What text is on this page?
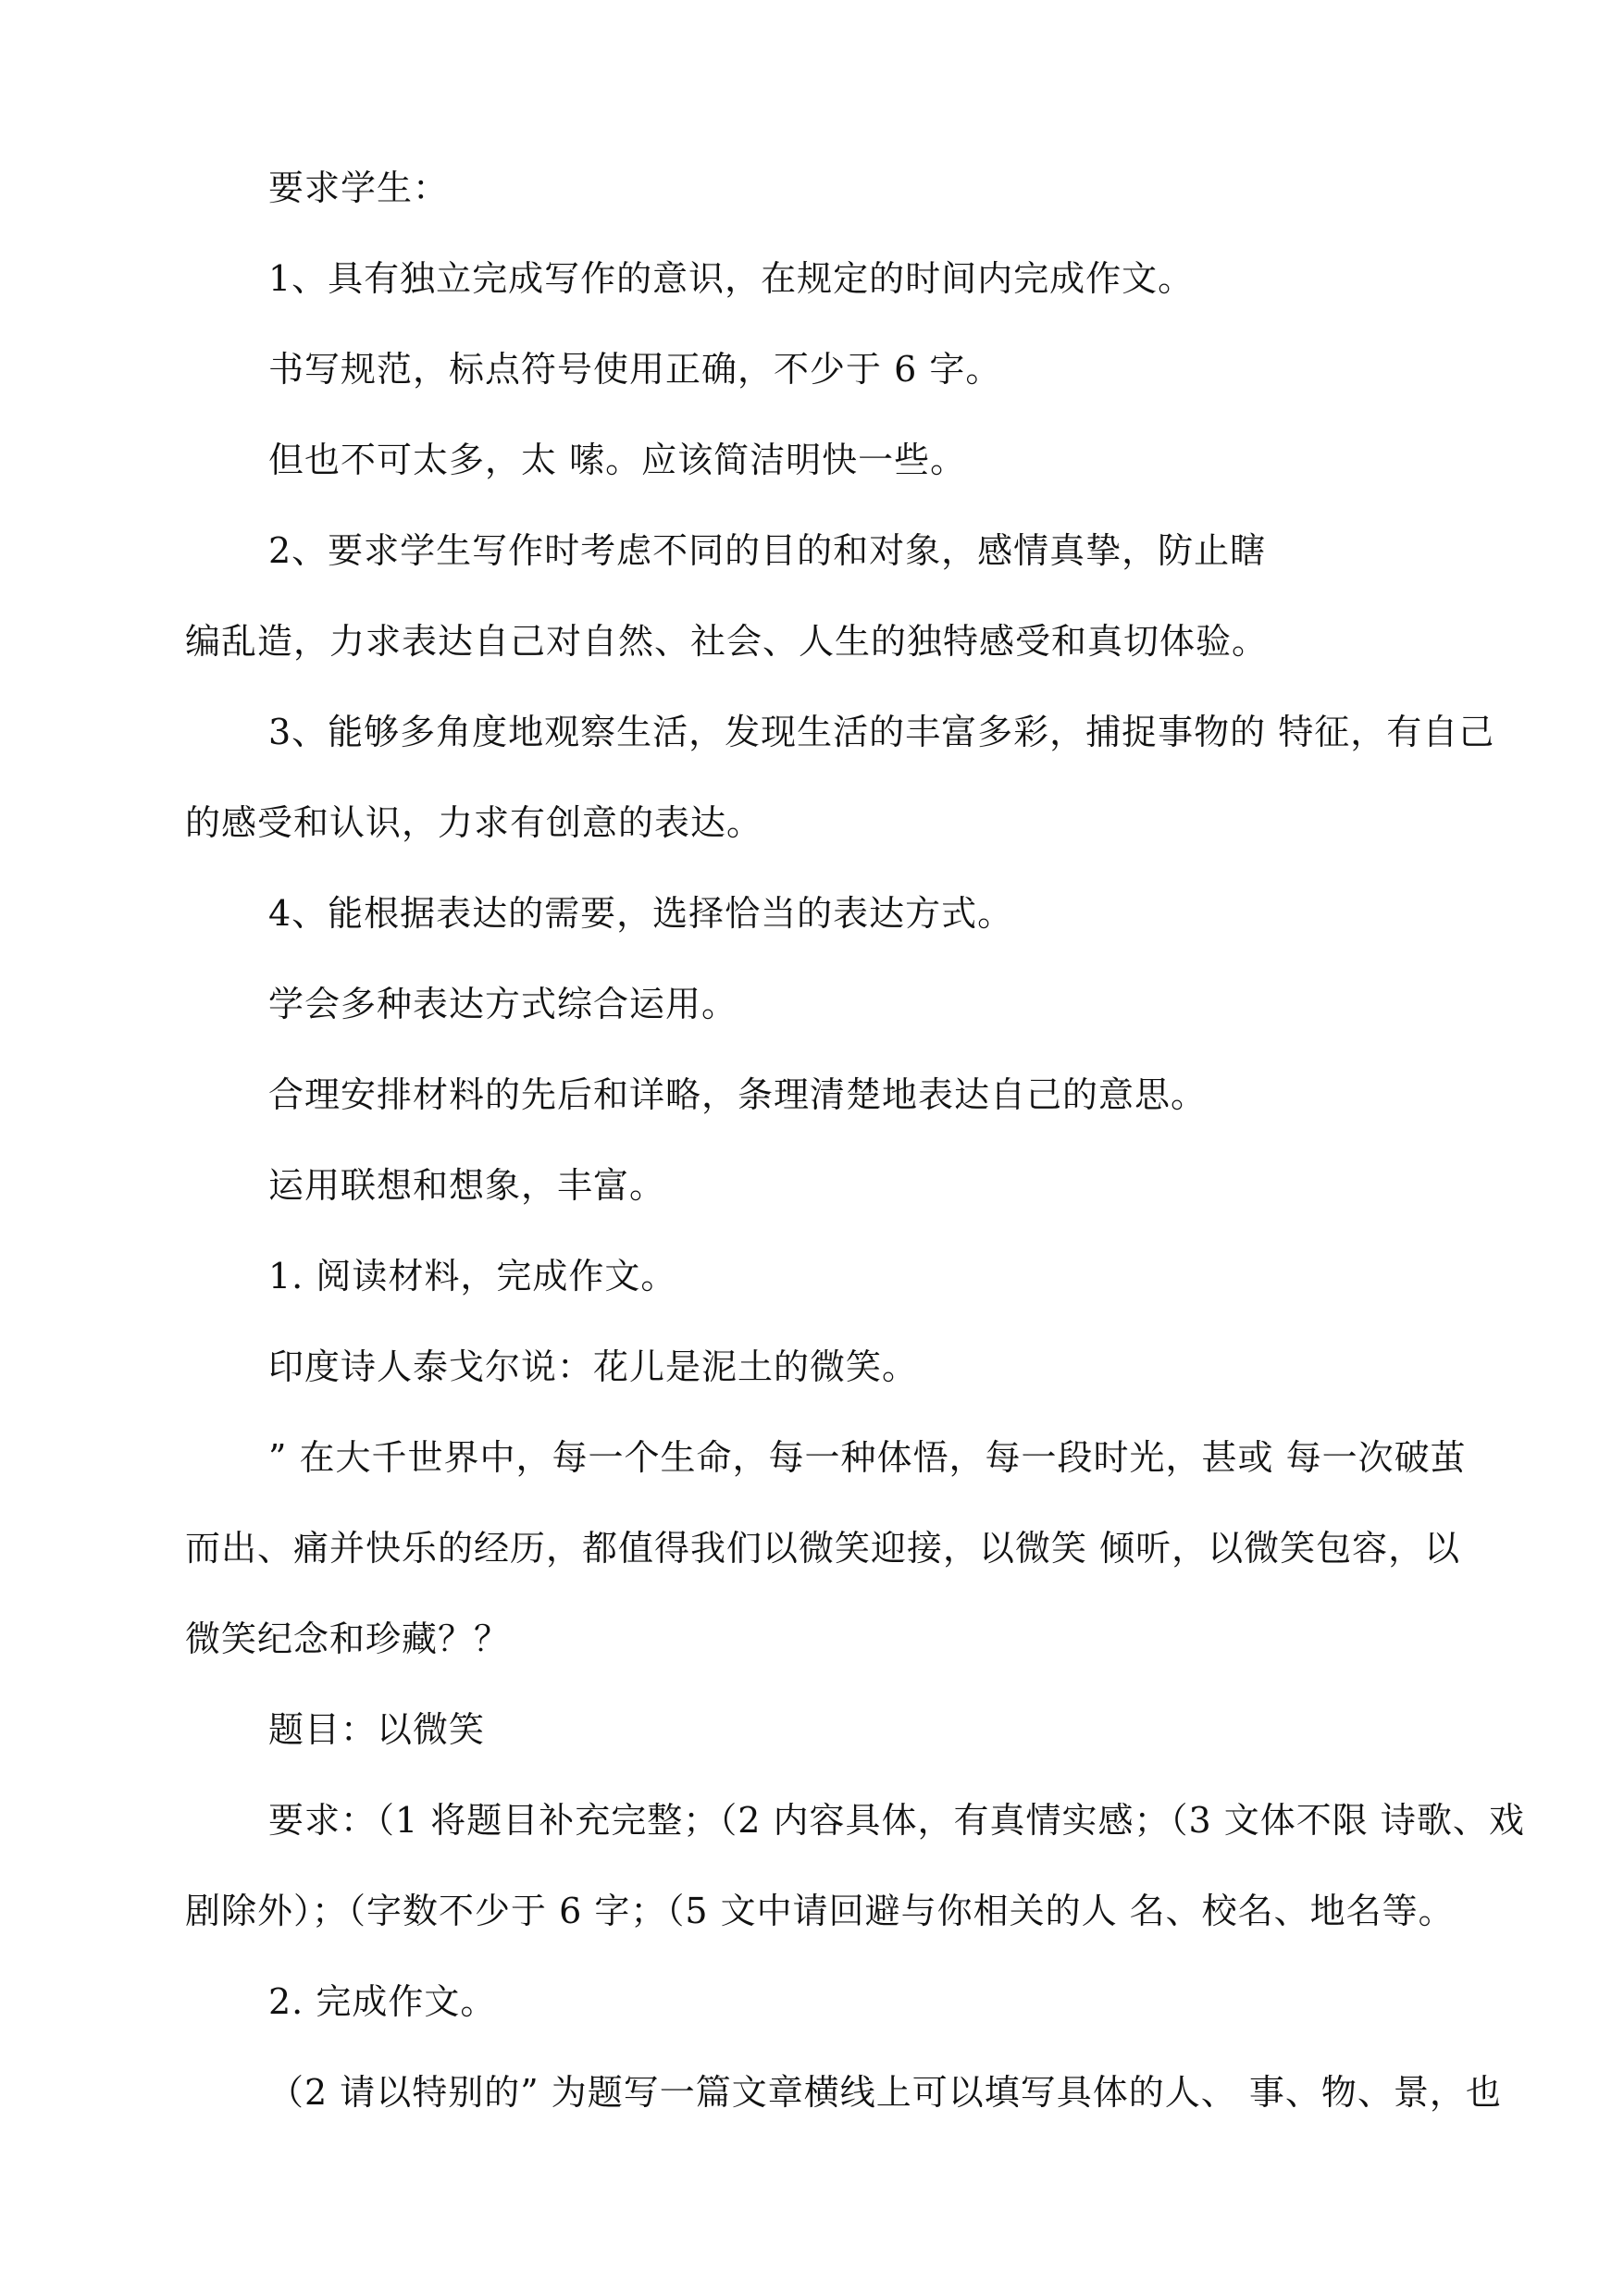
要求学生：
1、具有独立完成写作的意识，在规定的时间内完成作文。
书写规范，标点符号使用正确，不少于 6 字。
但也不可太多，太 嗦。应该简洁明快一些。
2、要求学生写作时考虑不同的目的和对象，感情真挚，防止瞎
编乱造，力求表达自己对自然、社会、人生的独特感受和真切体验。
3、能够多角度地观察生活，发现生活的丰富多彩，捕捉事物的 特征，有自己
的感受和认识，力求有创意的表达。
4、能根据表达的需要，选择恰当的表达方式。
学会多种表达方式综合运用。
合理安排材料的先后和详略，条理清楚地表达自己的意思。
运用联想和想象，丰富。
1. 阅读材料，完成作文。
印度诗人泰戈尔说：花儿是泥土的微笑。
” 在大千世界中，每一个生命，每一种体悟，每一段时光，甚或 每一次破茧
而出、痛并快乐的经历，都值得我们以微笑迎接，以微笑 倾听，以微笑包容，以
微笑纪念和珍藏？？
题目：以微笑
要求：（1 将题目补充完整；（2 内容具体，有真情实感；（3 文体不限 诗歌、戏
剧除外）；（字数不少于 6 字；（5 文中请回避与你相关的人 名、校名、地名等。
2. 完成作文。
（2 请以特别的” 为题写一篇文章横线上可以填写具体的人、 事、物、景，也
